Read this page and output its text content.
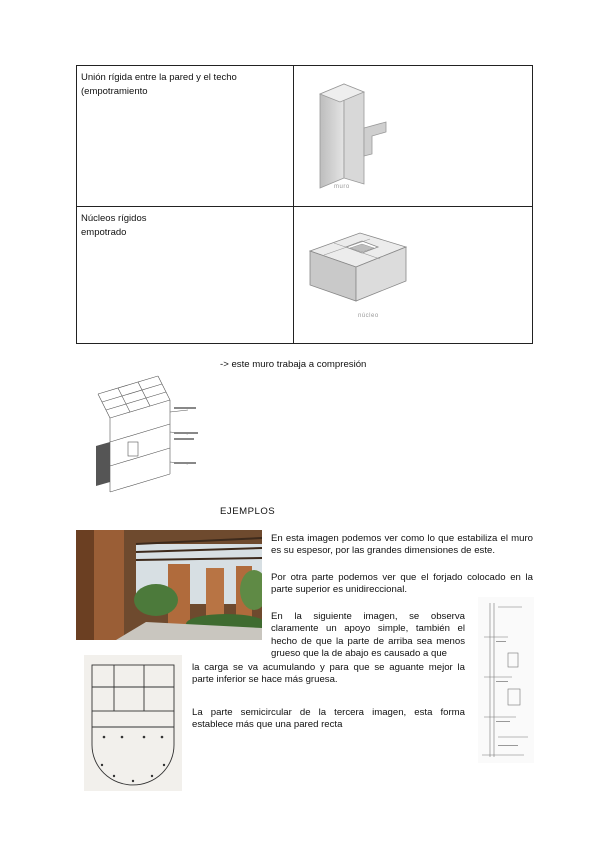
Unión rígida entre la pared y el techo
(empotramiento	muro

Núcleos rígidos
empotrado	núcleo
-> este muro trabaja a compresión
EJEMPLOS
En esta imagen podemos ver como lo que estabiliza el muro es su espesor, por las grandes dimensiones de este.
Por otra parte podemos ver que el forjado colocado en la parte superior es unidireccional.
En la siguiente imagen, se observa claramente un apoyo simple, también el hecho de que la parte de arriba sea menos grueso que la de abajo es causado a que
la carga se va acumulando y para que se aguante mejor la parte inferior se hace más gruesa.
La parte semicircular de la tercera imagen, esta forma establece más que una pared recta
